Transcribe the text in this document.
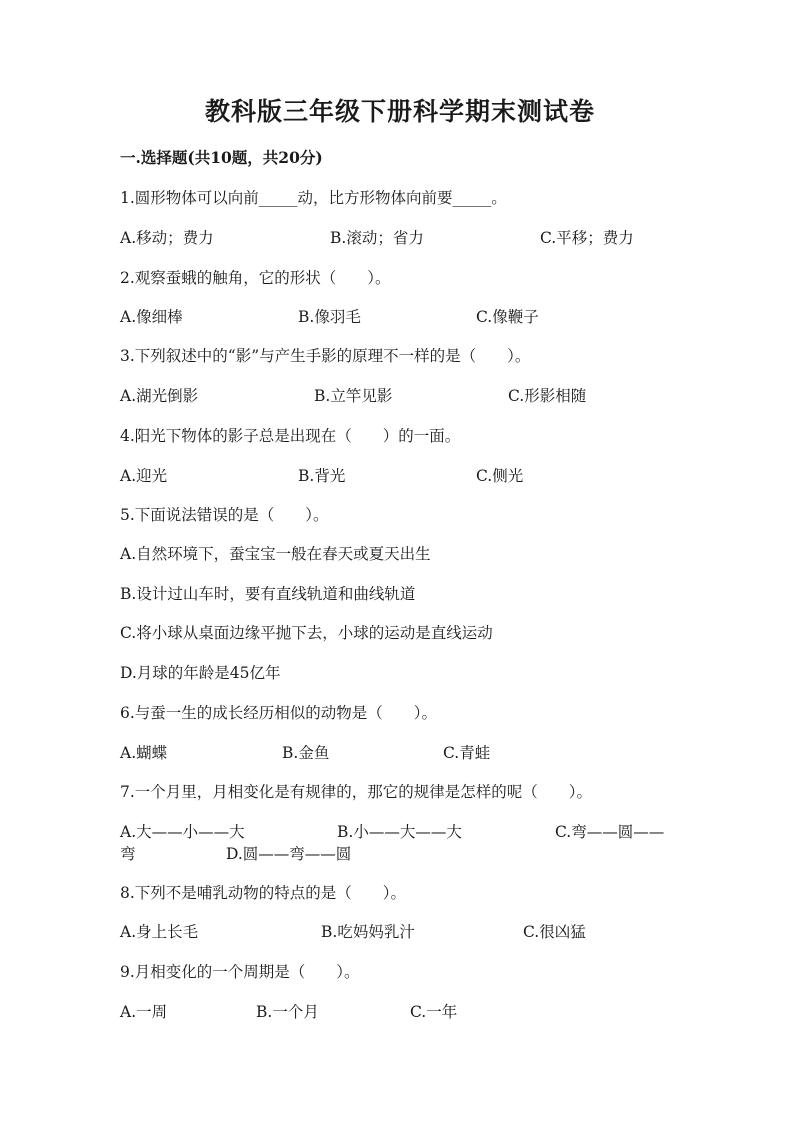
教科版三年级下册科学期末测试卷
一.选择题(共10题，共20分)
1.圆形物体可以向前_____动，比方形物体向前要_____。
A.移动；费力	B.滚动；省力	C.平移；费力
2.观察蚕蛾的触角，它的形状（　　）。
A.像细棒	B.像羽毛	C.像鞭子
3.下列叙述中的“影”与产生手影的原理不一样的是（　　）。
A.湖光倒影	B.立竿见影	C.形影相随
4.阳光下物体的影子总是出现在（　　）的一面。
A.迎光	B.背光	C.侧光
5.下面说法错误的是（　　）。
A.自然环境下，蚕宝宝一般在春天或夏天出生
B.设计过山车时，要有直线轨道和曲线轨道
C.将小球从桌面边缘平抛下去，小球的运动是直线运动
D.月球的年龄是45亿年
6.与蚕一生的成长经历相似的动物是（　　）。
A.蝴蝶	B.金鱼	C.青蛙
7.一个月里，月相变化是有规律的，那它的规律是怎样的呢（　　）。
A.大——小——大	B.小——大——大	C.弯——圆——
弯	D.圆——弯——圆
8.下列不是哺乳动物的特点的是（　　）。
A.身上长毛	B.吃妈妈乳汁	C.很凶猛
9.月相变化的一个周期是（　　）。
A.一周	B.一个月	C.一年
